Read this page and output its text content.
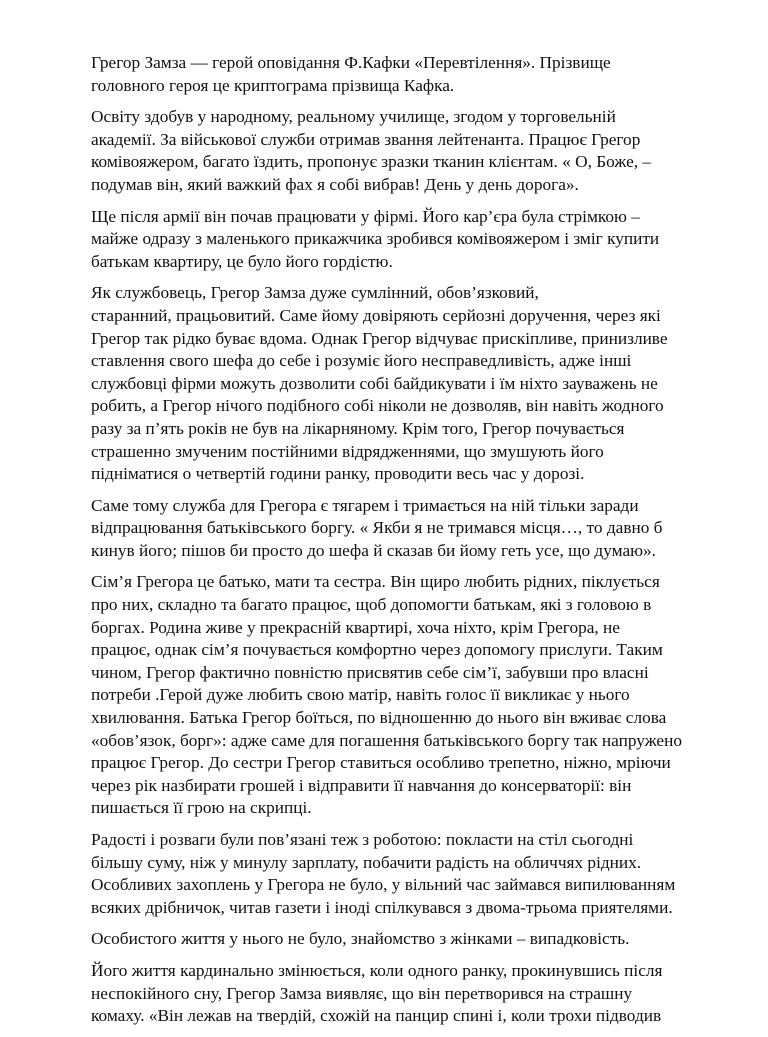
Грегор Замза — герой оповідання Ф.Кафки «Перевтілення». Прізвище
головного героя це криптограма прізвища Кафка.

Освіту здобув у народному, реальному училище, згодом у торговельній
академії. За військової служби отримав звання лейтенанта. Працює Грегор
комівояжером, багато їздить, пропонує зразки тканин клієнтам. « О, Боже, –
подумав він, який важкий фах я собі вибрав! День у день дорога».

Ще після армії він почав працювати у фірмі. Його кар’єра була стрімкою –
майже одразу з маленького прикажчика зробився комівояжером і зміг купити
батькам квартиру, це було його гордістю.

Як службовець, Грегор Замза дуже сумлінний, обов’язковий,
старанний, працьовитий. Саме йому довіряють серйозні доручення, через які
Грегор так рідко буває вдома. Однак Грегор відчуває прискіпливе, принизливе
ставлення свого шефа до себе і розуміє його несправедливість, адже інші
службовці фірми можуть дозволити собі байдикувати і їм ніхто зауважень не
робить, а Грегор нічого подібного собі ніколи не дозволяв, він навіть жодного
разу за п’ять років не був на лікарняному. Крім того, Грегор почувається
страшенно змученим постійними відрядженнями, що змушують його
підніматися о четвертій години ранку, проводити весь час у дорозі.

Саме тому служба для Грегора є тягарем і тримається на ній тільки заради
відпрацювання батьківського боргу. « Якби я не тримався місця…, то давно б
кинув його; пішов би просто до шефа й сказав би йому геть усе, що думаю».

Сім’я Грегора це батько, мати та сестра. Він щиро любить рідних, піклується
про них, складно та багато працює, щоб допомогти батькам, які з головою в
боргах. Родина живе у прекрасній квартирі, хоча ніхто, крім Грегора, не
працює, однак сім’я почувається комфортно через допомогу прислуги. Таким
чином, Грегор фактично повністю присвятив себе сім’ї, забувши про власні
потреби .Герой дуже любить свою матір, навіть голос її викликає у нього
хвилювання. Батька Грегор боїться, по відношенню до нього він вживає слова
«обов’язок, борг»: адже саме для погашення батьківського боргу так напружено
працює Грегор. До сестри Грегор ставиться особливо трепетно, ніжно, мріючи
через рік назбирати грошей і відправити її навчання до консерваторії: він
пишається її грою на скрипці.

Радості і розваги були пов’язані теж з роботою: покласти на стіл сьогодні
більшу суму, ніж у минулу зарплату, побачити радість на обличчях рідних.
Особливих захоплень у Грегора не було, у вільний час займався випилюванням
всяких дрібничок, читав газети і іноді спілкувався з двома-трьома приятелями.

Особистого життя у нього не було, знайомство з жінками – випадковість.

Його життя кардинально змінюється, коли одного ранку, прокинувшись після
неспокійного сну, Грегор Замза виявляє, що він перетворився на страшну
комаху. «Він лежав на твердій, схожій на панцир спині і, коли трохи підводив
